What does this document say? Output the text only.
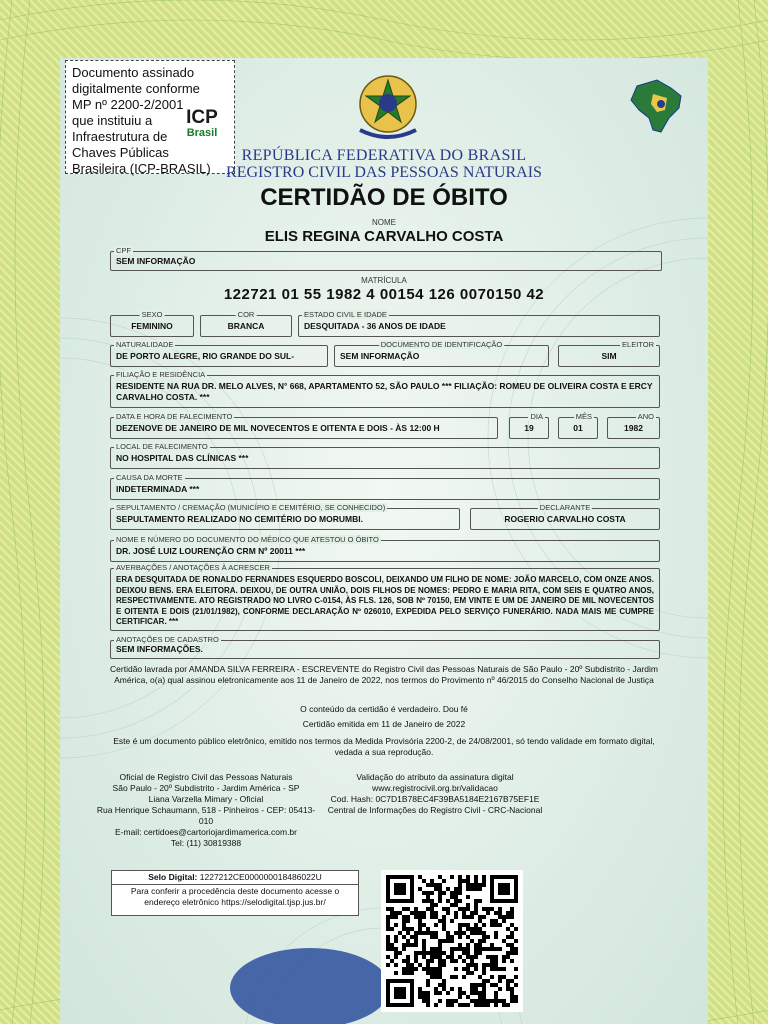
Documento assinado
digitalmente conforme
MP nº 2200-2/2001
que instituiu a
Infraestrutura de
Chaves Públicas
Brasileira (ICP-BRASIL)
ICP
Brasil
REPÚBLICA FEDERATIVA DO BRASIL
REGISTRO CIVIL DAS PESSOAS NATURAIS
CERTIDÃO DE ÓBITO
NOME
ELIS REGINA CARVALHO COSTA
CPF
SEM INFORMAÇÃO
MATRÍCULA
122721 01 55 1982 4 00154 126 0070150 42
SEXO
FEMININO
COR
BRANCA
ESTADO CIVIL E IDADE
DESQUITADA - 36 ANOS DE IDADE
NATURALIDADE
DE PORTO ALEGRE, RIO GRANDE DO SUL-
DOCUMENTO DE IDENTIFICAÇÃO
SEM INFORMAÇÃO
ELEITOR
SIM
FILIAÇÃO E RESIDÊNCIA
RESIDENTE NA RUA DR. MELO ALVES, N° 668, APARTAMENTO 52, SÃO PAULO *** FILIAÇÃO: ROMEU DE OLIVEIRA COSTA E ERCY CARVALHO COSTA. ***
DATA E HORA DE FALECIMENTO
DEZENOVE DE JANEIRO DE MIL NOVECENTOS E OITENTA E DOIS - ÀS 12:00 H
DIA
19
MÊS
01
ANO
1982
LOCAL DE FALECIMENTO
NO HOSPITAL DAS CLÍNICAS ***
CAUSA DA MORTE
INDETERMINADA ***
SEPULTAMENTO / CREMAÇÃO (MUNICÍPIO E CEMITÉRIO, SE CONHECIDO)
SEPULTAMENTO REALIZADO NO CEMITÉRIO DO MORUMBI.
DECLARANTE
ROGERIO CARVALHO COSTA
NOME E NÚMERO DO DOCUMENTO DO MÉDICO QUE ATESTOU O ÓBITO
DR. JOSÉ LUIZ LOURENÇÃO CRM Nº 20011 ***
AVERBAÇÕES / ANOTAÇÕES À ACRESCER
ERA DESQUITADA DE RONALDO FERNANDES ESQUERDO BOSCOLI, DEIXANDO UM FILHO DE NOME: JOÃO MARCELO, COM ONZE ANOS. DEIXOU BENS. ERA ELEITORA. DEIXOU, DE OUTRA UNIÃO, DOIS FILHOS DE NOMES: PEDRO E MARIA RITA, COM SEIS E QUATRO ANOS, RESPECTIVAMENTE. ATO REGISTRADO NO LIVRO C-0154, ÀS FLS. 126, SOB Nº 70150, EM VINTE E UM DE JANEIRO DE MIL NOVECENTOS E OITENTA E DOIS (21/01/1982), CONFORME DECLARAÇÃO Nº 026010, EXPEDIDA PELO SERVIÇO FUNERÁRIO. NADA MAIS ME CUMPRE CERTIFICAR. ***
ANOTAÇÕES DE CADASTRO
SEM INFORMAÇÕES.
Certidão lavrada por AMANDA SILVA FERREIRA - ESCREVENTE do Registro Civil das Pessoas Naturais de São Paulo - 20º Subdistrito - Jardim América, o(a) qual assinou eletronicamente aos 11 de Janeiro de 2022, nos termos do Provimento nº 46/2015 do Conselho Nacional de Justiça
O conteúdo da certidão é verdadeiro. Dou fé
Certidão emitida em 11 de Janeiro de 2022
Este é um documento público eletrônico, emitido nos termos da Medida Provisória 2200-2, de 24/08/2001, só tendo validade em formato digital, vedada a sua reprodução.
Oficial de Registro Civil das Pessoas Naturais
São Paulo - 20º Subdistrito - Jardim América - SP
Liana Varzella Mimary - Oficial
Rua Henrique Schaumann, 518 - Pinheiros - CEP: 05413-010
E-mail: certidoes@cartoriojardimamerica.com.br
Tel: (11) 30819388
Validação do atributo da assinatura digital
www.registrocivil.org.br/validacao
Cod. Hash: 0C7D1B78EC4F39BA5184E2167B75EF1E
Central de Informações do Registro Civil - CRC-Nacional
Selo Digital: 1227212CE000000018486022U
Para conferir a procedência deste documento acesse o endereço eletrônico https://selodigital.tjsp.jus.br/
